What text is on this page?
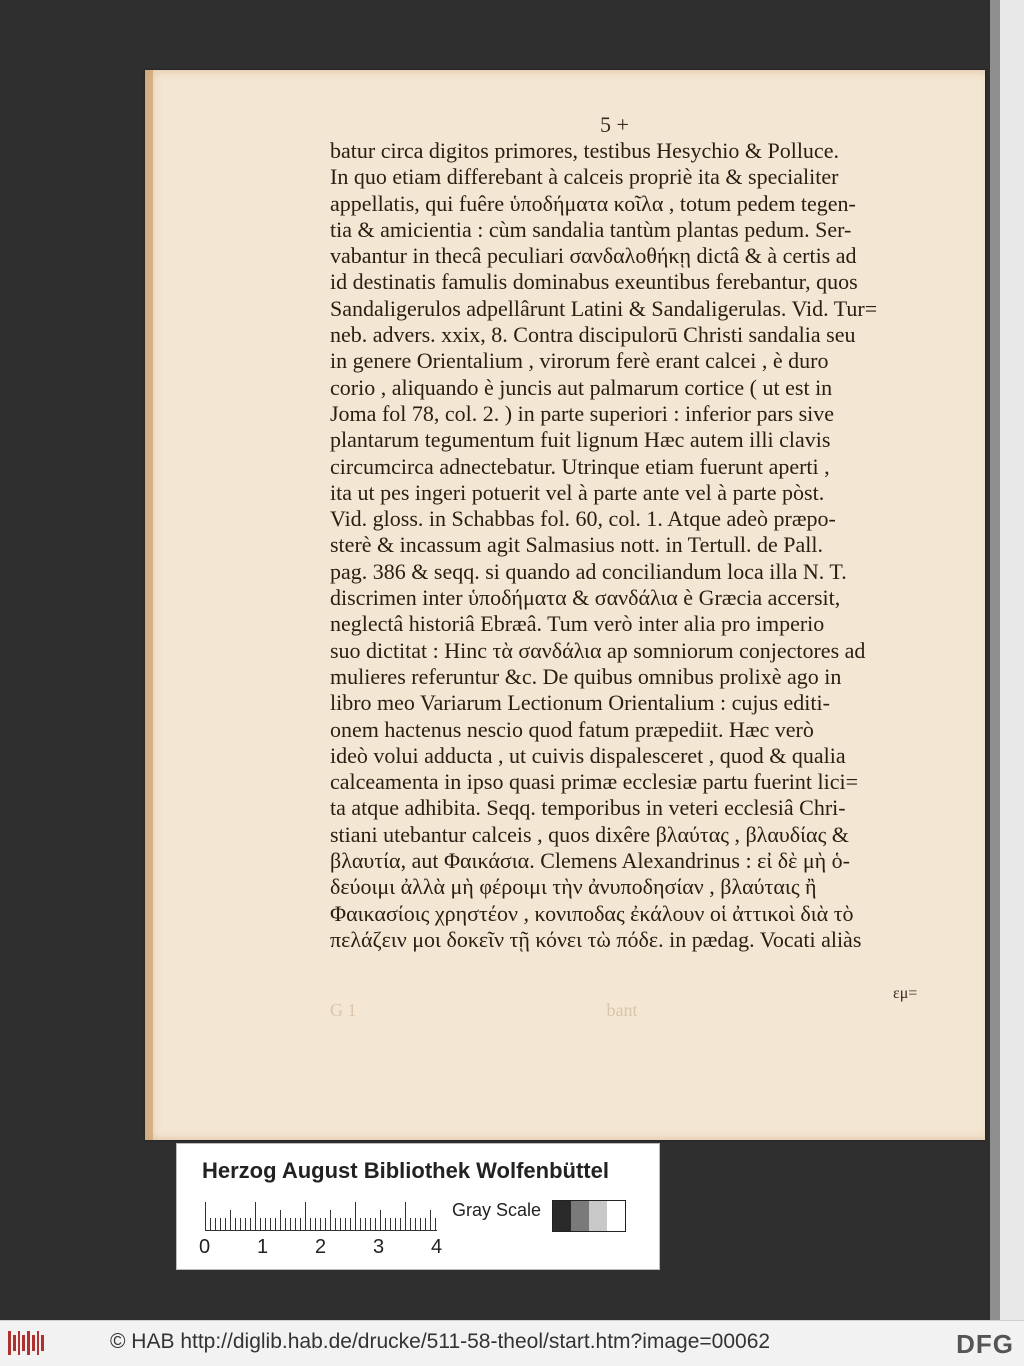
5 +
batur circa digitos primores, testibus Hesychio & Polluce.
In quo etiam differebant à calceis propriè ita & specialiter
appellatis, qui fuêre ὑποδήματα κοῖλα , totum pedem tegen-
tia & amicientia : cùm sandalia tantùm plantas pedum. Ser-
vabantur in thecâ peculiari σανδαλοθήκῃ dictâ & à certis ad
id destinatis famulis dominabus exeuntibus ferebantur, quos
Sandaligerulos adpellârunt Latini & Sandaligerulas. Vid. Tur=
neb. advers. xxix, 8. Contra discipulorū Christi sandalia seu
in genere Orientalium , virorum ferè erant calcei , è duro
corio , aliquando è juncis aut palmarum cortice ( ut est in
Joma fol 78, col. 2. ) in parte superiori : inferior pars sive
plantarum tegumentum fuit lignum Hæc autem illi clavis
circumcirca adnectebatur. Utrinque etiam fuerunt aperti ,
ita ut pes ingeri potuerit vel à parte ante vel à parte pòst.
Vid. gloss. in Schabbas fol. 60, col. 1. Atque adeò præpo-
sterè & incassum agit Salmasius nott. in Tertull. de Pall.
pag. 386 & seqq. si quando ad conciliandum loca illa N. T.
discrimen inter ὑποδήματα & σανδάλια è Græcia accersit,
neglectâ historiâ Ebræâ. Tum verò inter alia pro imperio
suo dictitat : Hinc τὰ σανδάλια ap somniorum conjectores ad
mulieres referuntur &c. De quibus omnibus prolixè ago in
libro meo Variarum Lectionum Orientalium : cujus editi-
onem hactenus nescio quod fatum præpediit. Hæc verò
ideò volui adducta , ut cuivis dispalesceret , quod & qualia
calceamenta in ipso quasi primæ ecclesiæ partu fuerint lici=
ta atque adhibita. Seqq. temporibus in veteri ecclesiâ Chri-
stiani utebantur calceis , quos dixêre βλαύτας , βλαυδίας &
βλαυτία, aut Φαικάσια. Clemens Alexandrinus : εἰ δὲ μὴ ὁ-
δεύοιμι ἀλλὰ μὴ φέροιμι τὴν ἀνυποδησίαν , βλαύταις ἢ
Φαικασίοις χρηστέον , κονιποδας ἐκάλουν οἱ ἀττικοὶ διὰ τὸ
πελάζειν μοι δοκεῖν τῇ κόνει τὼ πόδε. in pædag. Vocati aliàs
εμ=
G 1	bant
Herzog August Bibliothek Wolfenbüttel
0 1 2 3 4
Gray Scale
© HAB http://diglib.hab.de/drucke/511-58-theol/start.htm?image=00062	DFG
